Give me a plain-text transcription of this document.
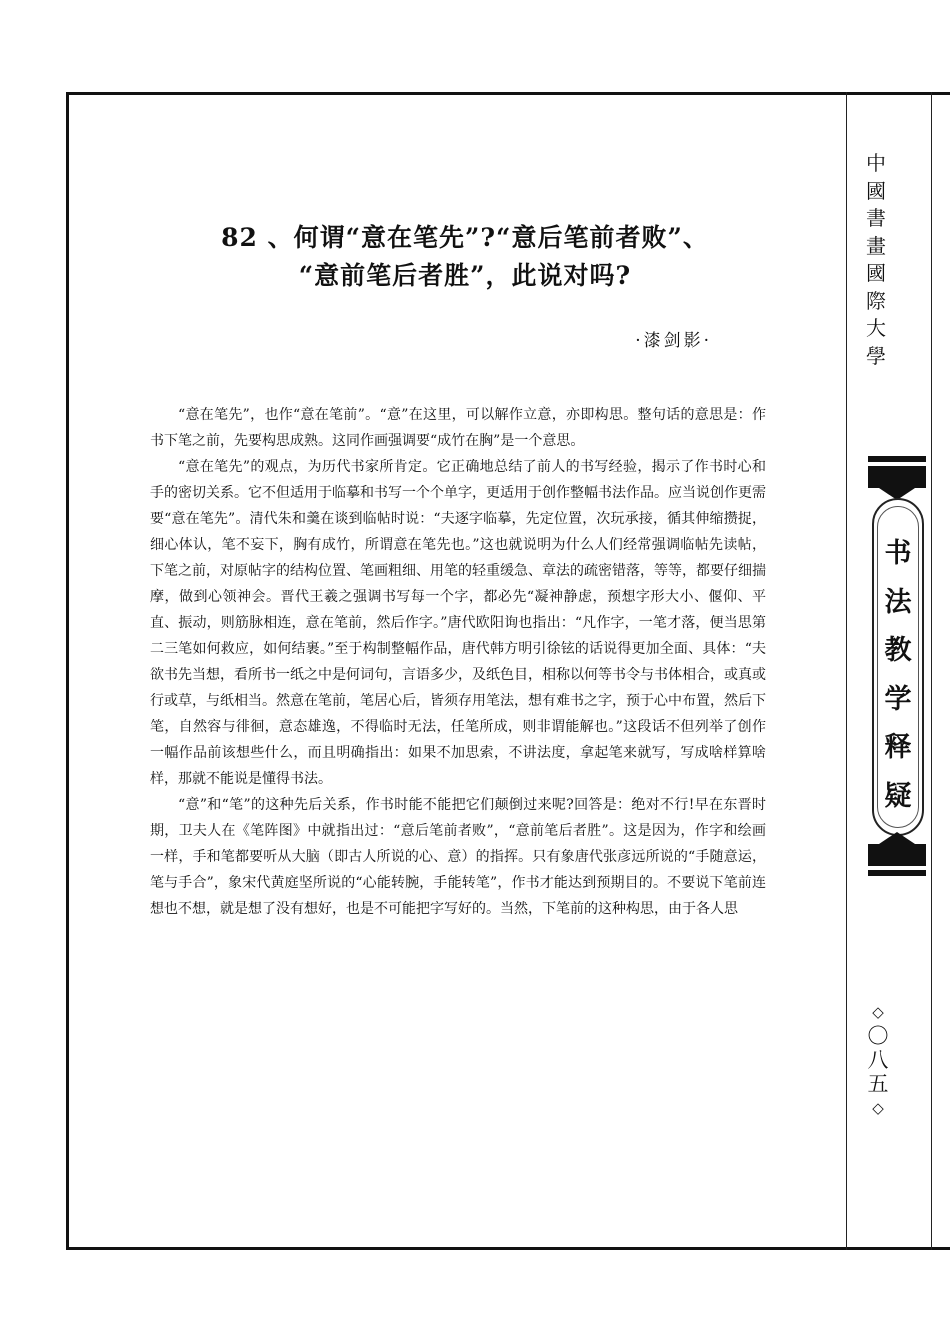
82 、何谓“意在笔先”?“意后笔前者败”、
“意前笔后者胜”，此说对吗?
·漆剑影·

“意在笔先”，也作“意在笔前”。“意”在这里，可以解作立意，亦即构思。整句话的意思是：作书下笔之前，先要构思成熟。这同作画强调要“成竹在胸”是一个意思。

“意在笔先”的观点，为历代书家所肯定。它正确地总结了前人的书写经验，揭示了作书时心和手的密切关系。它不但适用于临摹和书写一个个单字，更适用于创作整幅书法作品。应当说创作更需要“意在笔先”。清代朱和羹在谈到临帖时说：“夫逐字临摹，先定位置，次玩承接，循其伸缩攒捉，细心体认，笔不妄下，胸有成竹，所谓意在笔先也。”这也就说明为什么人们经常强调临帖先读帖，下笔之前，对原帖字的结构位置、笔画粗细、用笔的轻重缓急、章法的疏密错落，等等，都要仔细揣摩，做到心领神会。晋代王羲之强调书写每一个字，都必先“凝神静虑，预想字形大小、偃仰、平直、振动，则筋脉相连，意在笔前，然后作字。”唐代欧阳询也指出：“凡作字，一笔才落，便当思第二三笔如何救应，如何结裹。”至于构制整幅作品，唐代韩方明引徐铉的话说得更加全面、具体：“夫欲书先当想，看所书一纸之中是何词句，言语多少，及纸色目，相称以何等书令与书体相合，或真或行或草，与纸相当。然意在笔前，笔居心后，皆须存用笔法，想有难书之字，预于心中布置，然后下笔，自然容与徘徊，意态雄逸，不得临时无法，任笔所成，则非谓能解也。”这段话不但列举了创作一幅作品前该想些什么，而且明确指出：如果不加思索，不讲法度，拿起笔来就写，写成啥样算啥样，那就不能说是懂得书法。

“意”和“笔”的这种先后关系，作书时能不能把它们颠倒过来呢?回答是：绝对不行!早在东晋时期，卫夫人在《笔阵图》中就指出过：“意后笔前者败”，“意前笔后者胜”。这是因为，作字和绘画一样，手和笔都要听从大脑（即古人所说的心、意）的指挥。只有象唐代张彦远所说的“手随意运，笔与手合”，象宋代黄庭坚所说的“心能转腕，手能转笔”，作书才能达到预期目的。不要说下笔前连想也不想，就是想了没有想好，也是不可能把字写好的。当然，下笔前的这种构思，由于各人思

中
國
書
畫
國
際
大
學
书
法
教
学
释
疑
◇
〇
八
五
◇
